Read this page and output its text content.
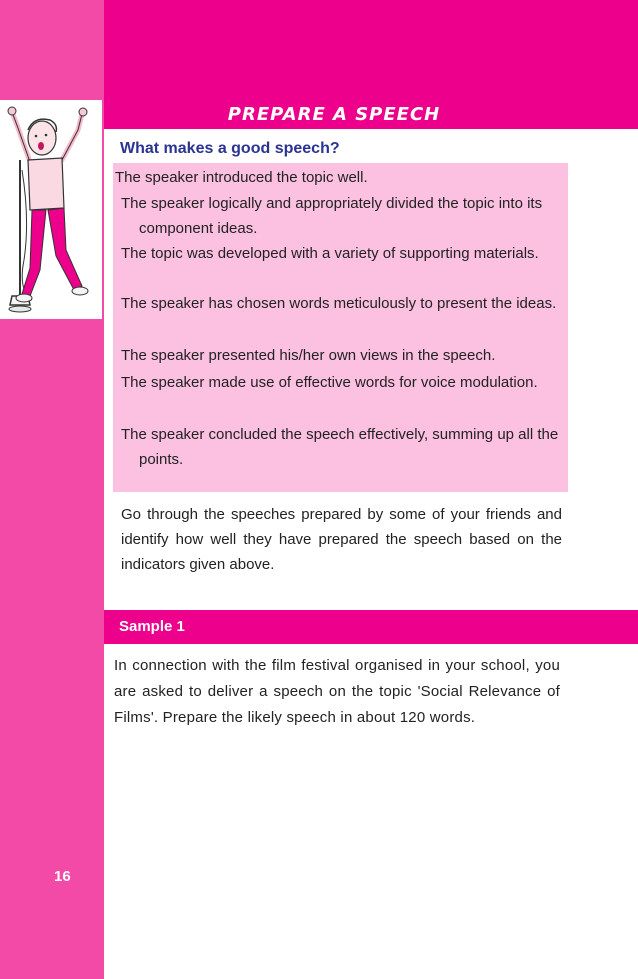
PREPARE A SPEECH
What makes a good speech?
The speaker introduced the topic well.
The speaker logically and appropriately divided the topic into its component ideas.
The topic was developed with a variety of supporting materials.
The speaker has chosen words meticulously to present the ideas.
The speaker presented his/her own views in the speech.
The speaker made use of effective words for voice modulation.
The speaker concluded the speech effectively, summing up all the points.
Go through the speeches prepared by some of your friends and identify how well they have prepared the speech based on the indicators given above.
Sample 1
In connection with the film festival organised in your school, you are asked to deliver a speech on the topic 'Social Relevance of Films'. Prepare the likely speech in about 120 words.
16
